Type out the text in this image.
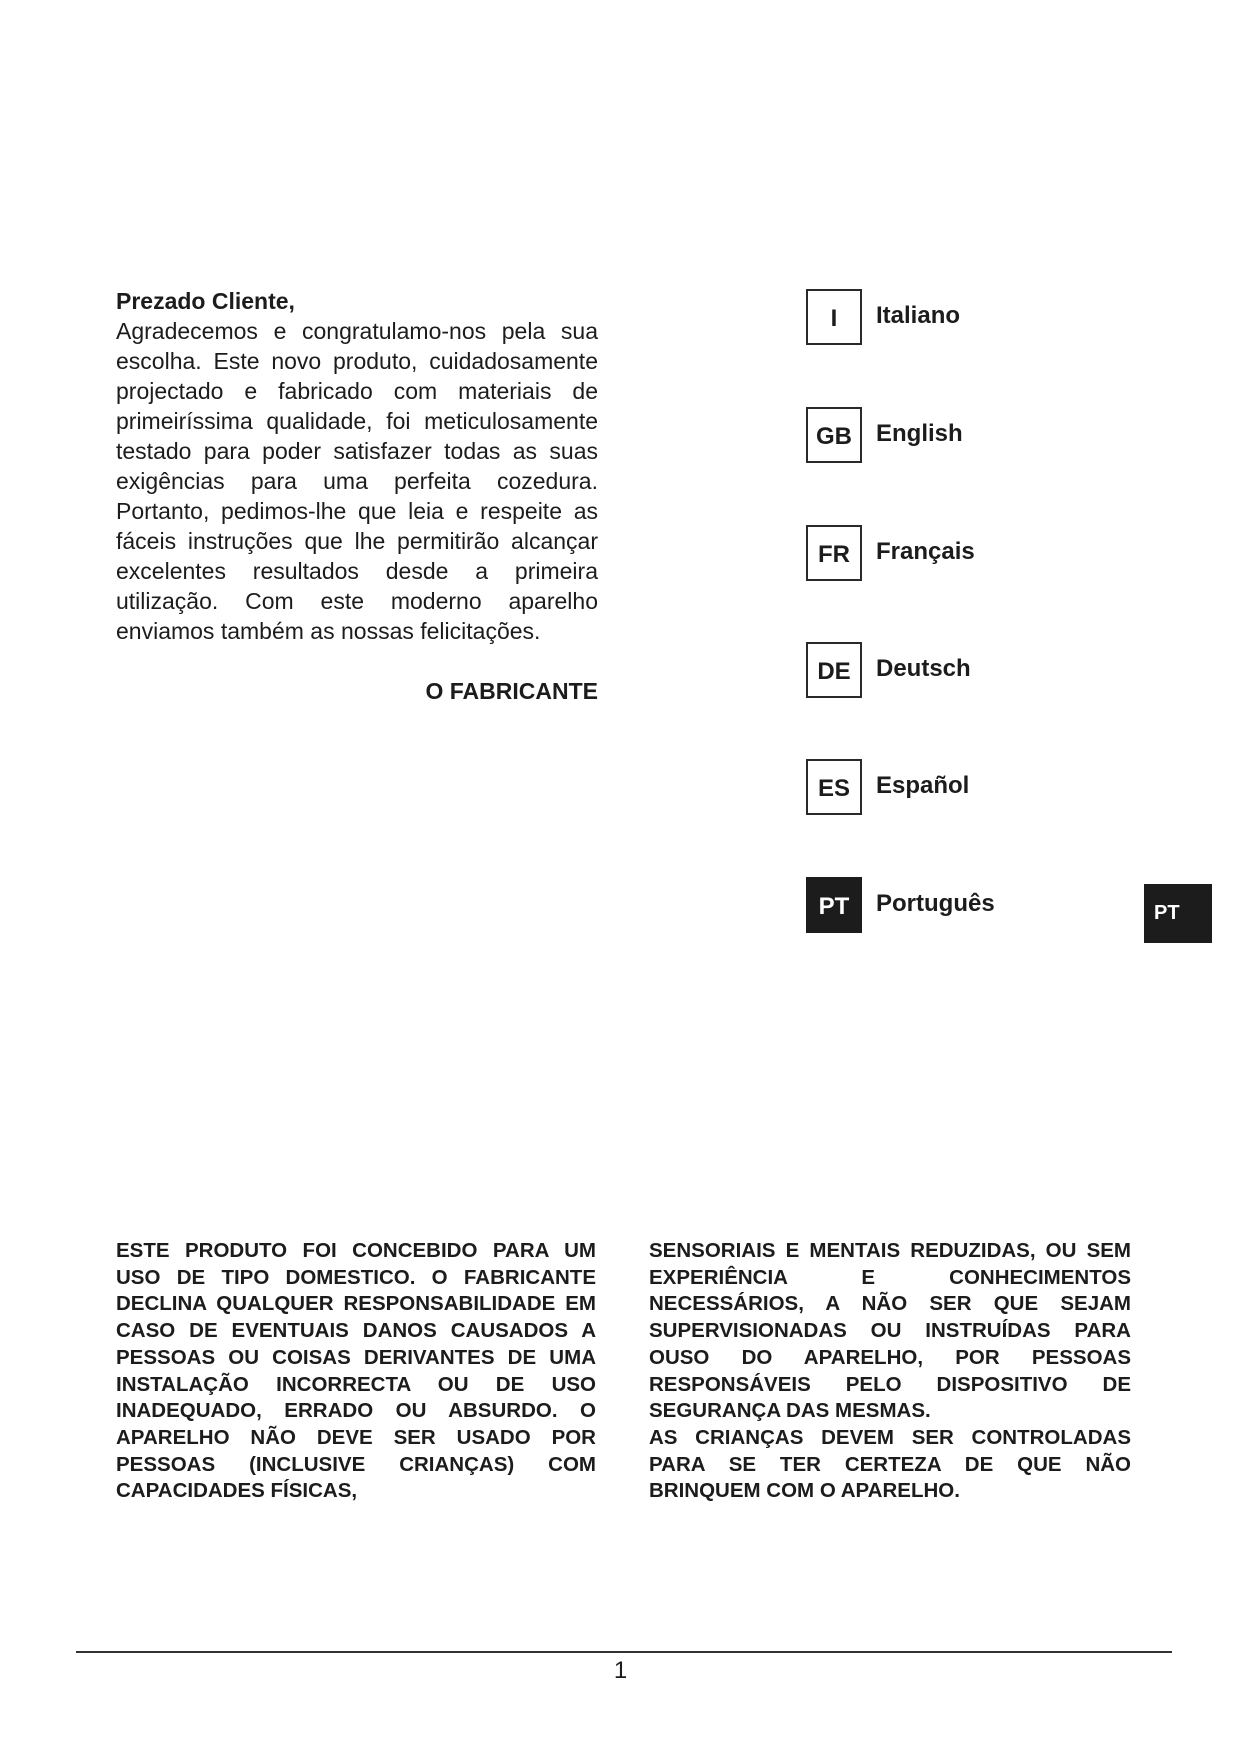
Prezado Cliente,
Agradecemos e congratulamo-nos pela sua escolha. Este novo produto, cuidadosamente projectado e fabricado com materiais de primeiríssima qualidade, foi meticulosamente testado para poder satisfazer todas as suas exigências para uma perfeita cozedura. Portanto, pedimos-lhe que leia e respeite as fáceis instruções que lhe permitirão alcançar excelentes resultados desde a primeira utilização. Com este moderno aparelho enviamos também as nossas felicitações.
O FABRICANTE
I	Italiano
GB	English
FR	Français
DE	Deutsch
ES	Español
PT	Português	PT

ESTE PRODUTO FOI CONCEBIDO PARA UM USO DE TIPO DOMESTICO. O FABRICANTE DECLINA QUALQUER RESPONSABILIDADE EM CASO DE EVENTUAIS DANOS CAUSADOS A PESSOAS OU COISAS DERIVANTES DE UMA INSTALAÇÃO INCORRECTA OU DE USO INADEQUADO, ERRADO OU ABSURDO. O APARELHO NÃO DEVE SER USADO POR PESSOAS (INCLUSIVE CRIANÇAS) COM CAPACIDADES FÍSICAS,

SENSORIAIS E MENTAIS REDUZIDAS, OU SEM EXPERIÊNCIA E CONHECIMENTOS NECESSÁRIOS, A NÃO SER QUE SEJAM SUPERVISIONADAS OU INSTRUÍDAS PARA OUSO DO APARELHO, POR PESSOAS RESPONSÁVEIS PELO DISPOSITIVO DE SEGURANÇA DAS MESMAS.

AS CRIANÇAS DEVEM SER CONTROLADAS PARA SE TER CERTEZA DE QUE NÃO BRINQUEM COM O APARELHO.

1
